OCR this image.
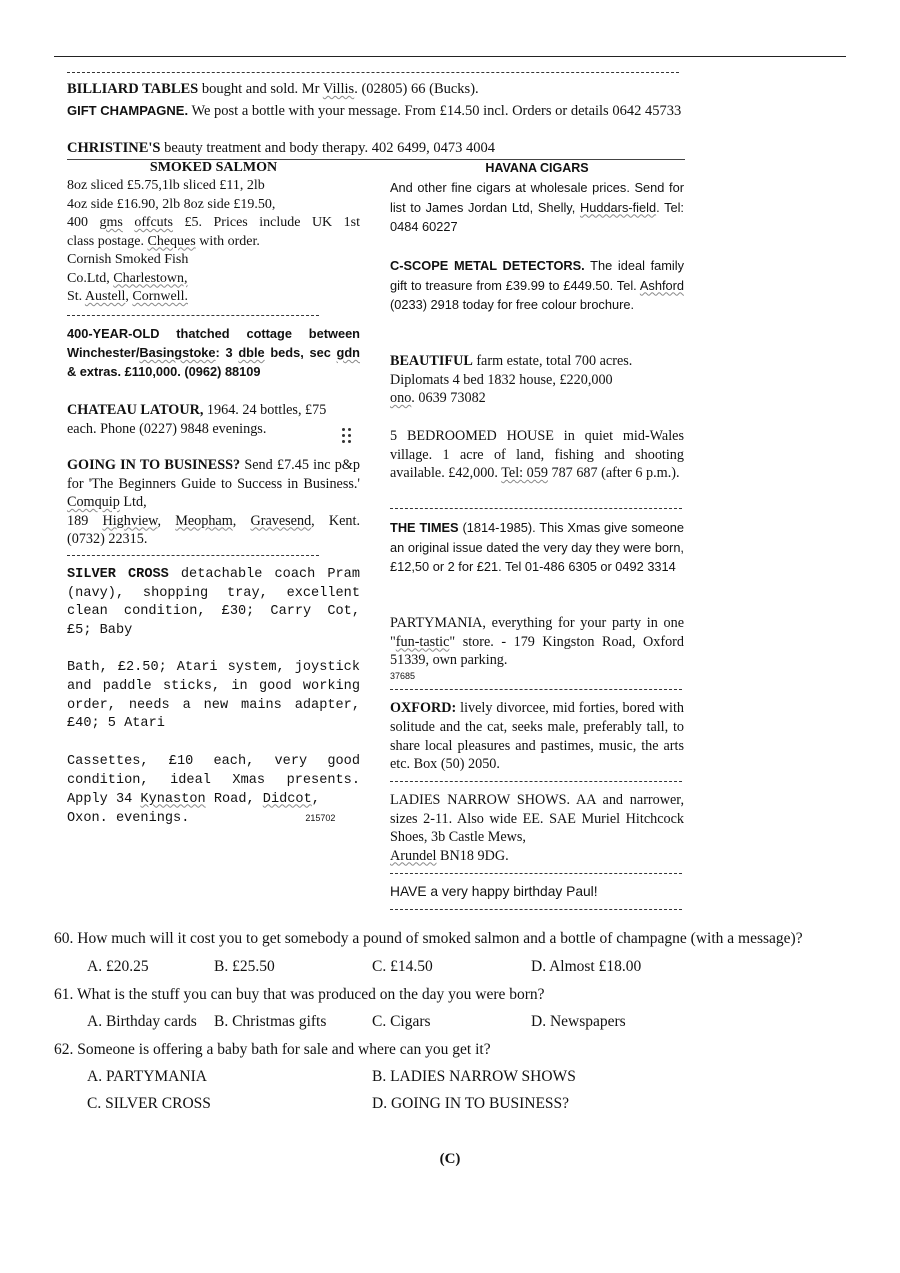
BILLIARD TABLES bought and sold. Mr Villis. (02805) 66 (Bucks).
GIFT CHAMPAGNE. We post a bottle with your message. From £14.50 incl. Orders or details 0642 45733
CHRISTINE'S beauty treatment and body therapy. 402 6499, 0473 4004
SMOKED SALMON
8oz sliced £5.75,1lb sliced £11, 2lb
4oz side £16.90, 2lb 8oz side £19.50,
400 gms offcuts £5. Prices include UK 1st
class postage. Cheques with order.
Cornish Smoked Fish
Co.Ltd, Charlestown,
St. Austell, Cornwell.
400-YEAR-OLD thatched cottage between Winchester/Basingstoke: 3 dble beds, sec gdn & extras. £110,000. (0962) 88109
CHATEAU LATOUR, 1964. 24 bottles, £75 each. Phone (0227) 9848 evenings.
GOING IN TO BUSINESS? Send £7.45 inc p&p for 'The Beginners Guide to Success in Business.' Comquip Ltd,
189 Highview, Meopham, Gravesend, Kent.
(0732) 22315.
SILVER CROSS detachable coach Pram (navy), shopping tray, excellent clean condition, £30; Carry Cot, £5; Baby
Bath, £2.50; Atari system, joystick and paddle sticks, in good working order, needs a new mains adapter, £40; 5 Atari
Cassettes, £10 each, very good condition, ideal Xmas presents. Apply 34 Kynaston Road, Didcot,
Oxon. evenings.	215702
HAVANA CIGARS
And other fine cigars at wholesale prices. Send for list to James Jordan Ltd, Shelly, Huddars-field. Tel: 0484 60227
C-SCOPE METAL DETECTORS. The ideal family gift to treasure from £39.99 to £449.50. Tel. Ashford (0233) 2918 today for free colour brochure.
BEAUTIFUL farm estate, total 700 acres. Diplomats 4 bed 1832 house, £220,000
ono. 0639 73082
5 BEDROOMED HOUSE in quiet mid-Wales village. 1 acre of land, fishing and shooting available. £42,000. Tel: 059 787 687 (after 6 p.m.).
THE TIMES (1814-1985). This Xmas give someone an original issue dated the very day they were born, £12,50 or 2 for £21. Tel 01-486 6305 or 0492 3314
PARTYMANIA, everything for your party in one "fun-tastic" store. - 179 Kingston Road, Oxford 51339, own parking.
37685
OXFORD: lively divorcee, mid forties, bored with solitude and the cat, seeks male, preferably tall, to share local pleasures and pastimes, music, the arts etc. Box (50) 2050.
LADIES NARROW SHOWS. AA and narrower, sizes 2-11. Also wide EE. SAE Muriel Hitchcock Shoes, 3b Castle Mews,
Arundel BN18 9DG.
HAVE a very happy birthday Paul!
60. How much will it cost you to get somebody a pound of smoked salmon and a bottle of champagne (with a message)?
A. £20.25	B. £25.50	C. £14.50	D. Almost £18.00
61. What is the stuff you can buy that was produced on the day you were born?
A. Birthday cards B. Christmas gifts	C. Cigars	D. Newspapers
62. Someone is offering a baby bath for sale and where can you get it?
A. PARTYMANIA	B. LADIES NARROW SHOWS
C. SILVER CROSS	D. GOING IN TO BUSINESS?
(C)
